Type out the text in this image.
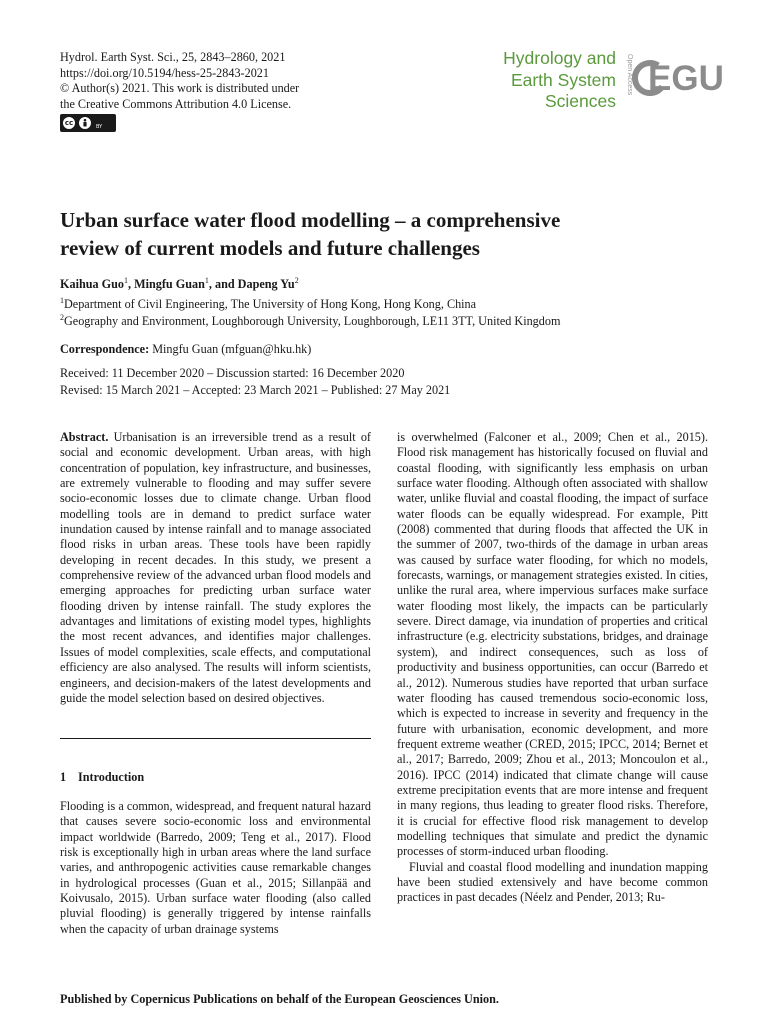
Hydrol. Earth Syst. Sci., 25, 2843–2860, 2021
https://doi.org/10.5194/hess-25-2843-2021
© Author(s) 2021. This work is distributed under
the Creative Commons Attribution 4.0 License.
cc	BY
Hydrology and
Earth System
Sciences
Open Access EGU
Urban surface water flood modelling – a comprehensive
review of current models and future challenges
Kaihua Guo$^1$, Mingfu Guan$^1$, and Dapeng Yu$^2$
$^1$Department of Civil Engineering, The University of Hong Kong, Hong Kong, China
$^2$Geography and Environment, Loughborough University, Loughborough, LE11 3TT, United Kingdom
Correspondence: Mingfu Guan (mfguan@hku.hk)
Received: 11 December 2020 – Discussion started: 16 December 2020
Revised: 15 March 2021 – Accepted: 23 March 2021 – Published: 27 May 2021

Abstract. Urbanisation is an irreversible trend as a result of social and economic development. Urban areas, with high concentration of population, key infrastructure, and businesses, are extremely vulnerable to flooding and may suffer severe socio-economic losses due to climate change. Urban flood modelling tools are in demand to predict surface water inundation caused by intense rainfall and to manage associated flood risks in urban areas. These tools have been rapidly developing in recent decades. In this study, we present a comprehensive review of the advanced urban flood models and emerging approaches for predicting urban surface water flooding driven by intense rainfall. The study explores the advantages and limitations of existing model types, highlights the most recent advances, and identifies major challenges. Issues of model complexities, scale effects, and computational efficiency are also analysed. The results will inform scientists, engineers, and decision-makers of the latest developments and guide the model selection based on desired objectives.

1 Introduction

Flooding is a common, widespread, and frequent natural hazard that causes severe socio-economic loss and environmental impact worldwide (Barredo, 2009; Teng et al., 2017). Flood risk is exceptionally high in urban areas where the land surface varies, and anthropogenic activities cause remarkable changes in hydrological processes (Guan et al., 2015; Sillanpää and Koivusalo, 2015). Urban surface water flooding (also called pluvial flooding) is generally triggered by intense rainfalls when the capacity of urban drainage systems

is overwhelmed (Falconer et al., 2009; Chen et al., 2015). Flood risk management has historically focused on fluvial and coastal flooding, with significantly less emphasis on urban surface water flooding. Although often associated with shallow water, unlike fluvial and coastal flooding, the impact of surface water floods can be equally widespread. For example, Pitt (2008) commented that during floods that affected the UK in the summer of 2007, two-thirds of the damage in urban areas was caused by surface water flooding, for which no models, forecasts, warnings, or management strategies existed. In cities, unlike the rural area, where impervious surfaces make surface water flooding most likely, the impacts can be particularly severe. Direct damage, via inundation of properties and critical infrastructure (e.g. electricity substations, bridges, and drainage system), and indirect consequences, such as loss of productivity and business opportunities, can occur (Barredo et al., 2012). Numerous studies have reported that urban surface water flooding has caused tremendous socio-economic loss, which is expected to increase in severity and frequency in the future with urbanisation, economic development, and more frequent extreme weather (CRED, 2015; IPCC, 2014; Bernet et al., 2017; Barredo, 2009; Zhou et al., 2013; Moncoulon et al., 2016). IPCC (2014) indicated that climate change will cause extreme precipitation events that are more intense and frequent in many regions, thus leading to greater flood risks. Therefore, it is crucial for effective flood risk management to develop modelling techniques that simulate and predict the dynamic processes of storm-induced urban flooding.

Fluvial and coastal flood modelling and inundation mapping have been studied extensively and have become common practices in past decades (Néelz and Pender, 2013; Ru-

Published by Copernicus Publications on behalf of the European Geosciences Union.
